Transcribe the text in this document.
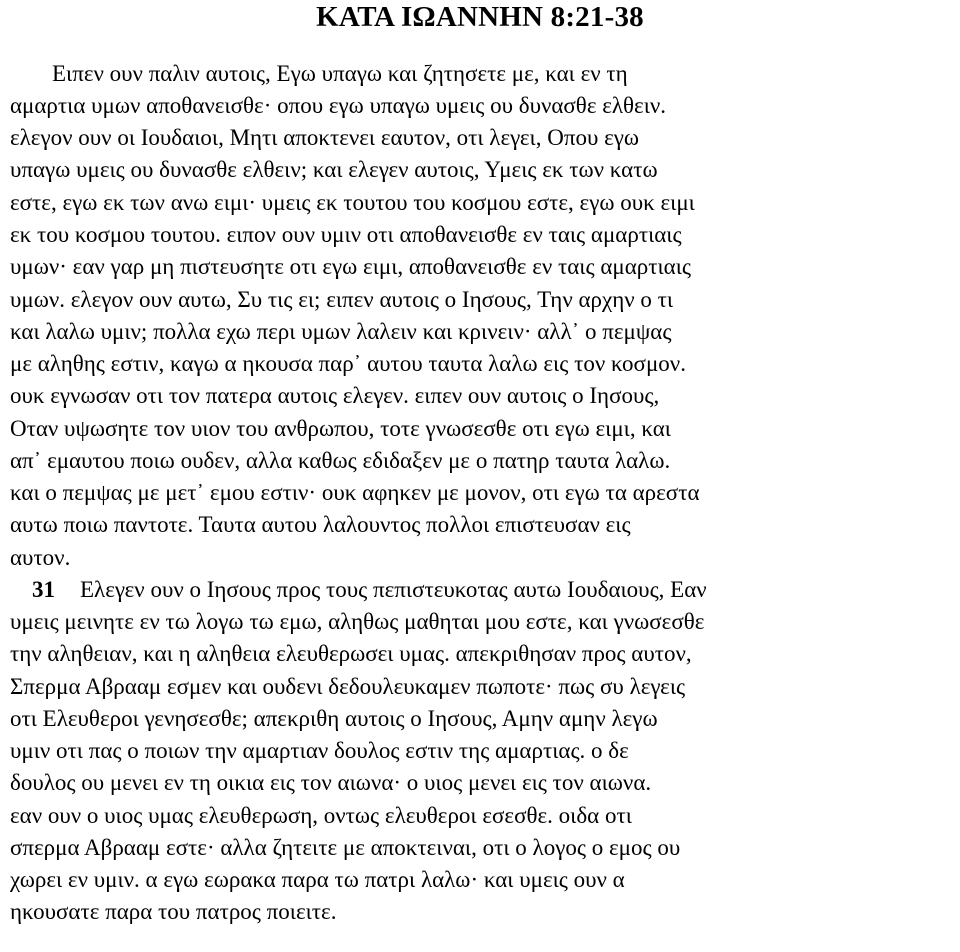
ΚΑΤΑ ΙΩΑΝΝΗΝ 8:21-38
Ειπεν ουν παλιν αυτοις, Εγω υπαγω και ζητησετε με, και εν τη
αμαρτια υμων αποθανεισθε· οπου εγω υπαγω υμεις ου δυνασθε ελθειν.
ελεγον ουν οι Ιουδαιοι, Μητι αποκτενει εαυτον, οτι λεγει, Οπου εγω
υπαγω υμεις ου δυνασθε ελθειν; και ελεγεν αυτοις, Υμεις εκ των κατω
εστε, εγω εκ των ανω ειμι· υμεις εκ τουτου του κοσμου εστε, εγω ουκ ειμι
εκ του κοσμου τουτου. ειπον ουν υμιν οτι αποθανεισθε εν ταις αμαρτιαις
υμων· εαν γαρ μη πιστευσητε οτι εγω ειμι, αποθανεισθε εν ταις αμαρτιαις
υμων. ελεγον ουν αυτω, Συ τις ει; ειπεν αυτοις ο Ιησους, Την αρχην ο τι
και λαλω υμιν; πολλα εχω περι υμων λαλειν και κρινειν· αλλ᾽ ο πεμψας
με αληθης εστιν, καγω α ηκουσα παρ᾽ αυτου ταυτα λαλω εις τον κοσμον.
ουκ εγνωσαν οτι τον πατερα αυτοις ελεγεν. ειπεν ουν αυτοις ο Ιησους,
Οταν υψωσητε τον υιον του ανθρωπου, τοτε γνωσεσθε οτι εγω ειμι, και
απ᾽ εμαυτου ποιω ουδεν, αλλα καθως εδιδαξεν με ο πατηρ ταυτα λαλω.
και ο πεμψας με μετ᾽ εμου εστιν· ουκ αφηκεν με μονον, οτι εγω τα αρεστα
αυτω ποιω παντοτε. Ταυτα αυτου λαλουντος πολλοι επιστευσαν εις
αυτον.
31	Ελεγεν ουν ο Ιησους προς τους πεπιστευκοτας αυτω Ιουδαιους, Εαν
υμεις μεινητε εν τω λογω τω εμω, αληθως μαθηται μου εστε, και γνωσεσθε
την αληθειαν, και η αληθεια ελευθερωσει υμας. απεκριθησαν προς αυτον,
Σπερμα Αβρααμ εσμεν και ουδενι δεδουλευκαμεν πωποτε· πως συ λεγεις
οτι Ελευθεροι γενησεσθε; απεκριθη αυτοις ο Ιησους, Αμην αμην λεγω
υμιν οτι πας ο ποιων την αμαρτιαν δουλος εστιν της αμαρτιας. ο δε
δουλος ου μενει εν τη οικια εις τον αιωνα· ο υιος μενει εις τον αιωνα.
εαν ουν ο υιος υμας ελευθερωση, οντως ελευθεροι εσεσθε. οιδα οτι
σπερμα Αβρααμ εστε· αλλα ζητειτε με αποκτειναι, οτι ο λογος ο εμος ου
χωρει εν υμιν. α εγω εωρακα παρα τω πατρι λαλω· και υμεις ουν α
ηκουσατε παρα του πατρος ποιειτε.
